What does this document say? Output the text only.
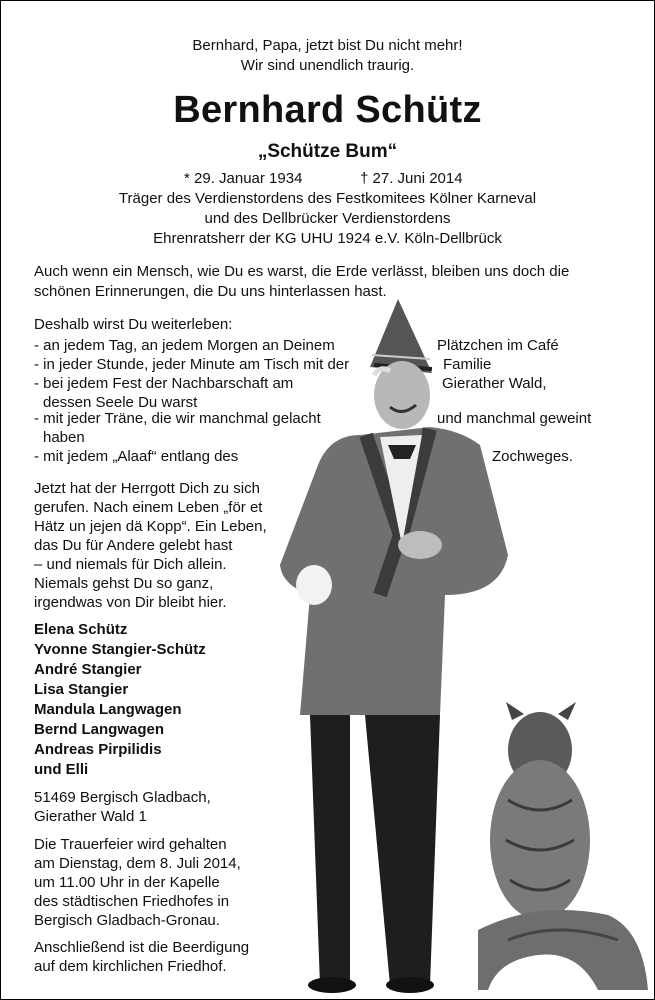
Bernhard, Papa, jetzt bist Du nicht mehr!
Wir sind unendlich traurig.
Bernhard Schütz
„Schütze Bum“
* 29. Januar 1934	† 27. Juni 2014
Träger des Verdienstordens des Festkomitees Kölner Karneval
und des Dellbrücker Verdienstordens
Ehrenratsherr der KG UHU 1924 e.V. Köln-Dellbrück
Auch wenn ein Mensch, wie Du es warst, die Erde verlässt, bleiben uns doch die
schönen Erinnerungen, die Du uns hinterlassen hast.
Deshalb wirst Du weiterleben:
- an jedem Tag, an jedem Morgen an Deinem	Plätzchen im Café
- in jeder Stunde, jeder Minute am Tisch mit der	Familie
- bei jedem Fest der Nachbarschaft am	Gierather Wald,
dessen Seele Du warst
- mit jeder Träne, die wir manchmal gelacht	und manchmal geweint
haben
- mit jedem „Alaaf“ entlang des	Zochweges.
Jetzt hat der Herrgott Dich zu sich
gerufen. Nach einem Leben „för et
Hätz un jejen dä Kopp“. Ein Leben,
das Du für Andere gelebt hast
– und niemals für Dich allein.
Niemals gehst Du so ganz,
irgendwas von Dir bleibt hier.
Elena Schütz
Yvonne Stangier-Schütz
André Stangier
Lisa Stangier
Mandula Langwagen
Bernd Langwagen
Andreas Pirpilidis
und Elli
51469 Bergisch Gladbach,
Gierather Wald 1
Die Trauerfeier wird gehalten
am Dienstag, dem 8. Juli 2014,
um 11.00 Uhr in der Kapelle
des städtischen Friedhofes in
Bergisch Gladbach-Gronau.
Anschließend ist die Beerdigung
auf dem kirchlichen Friedhof.
